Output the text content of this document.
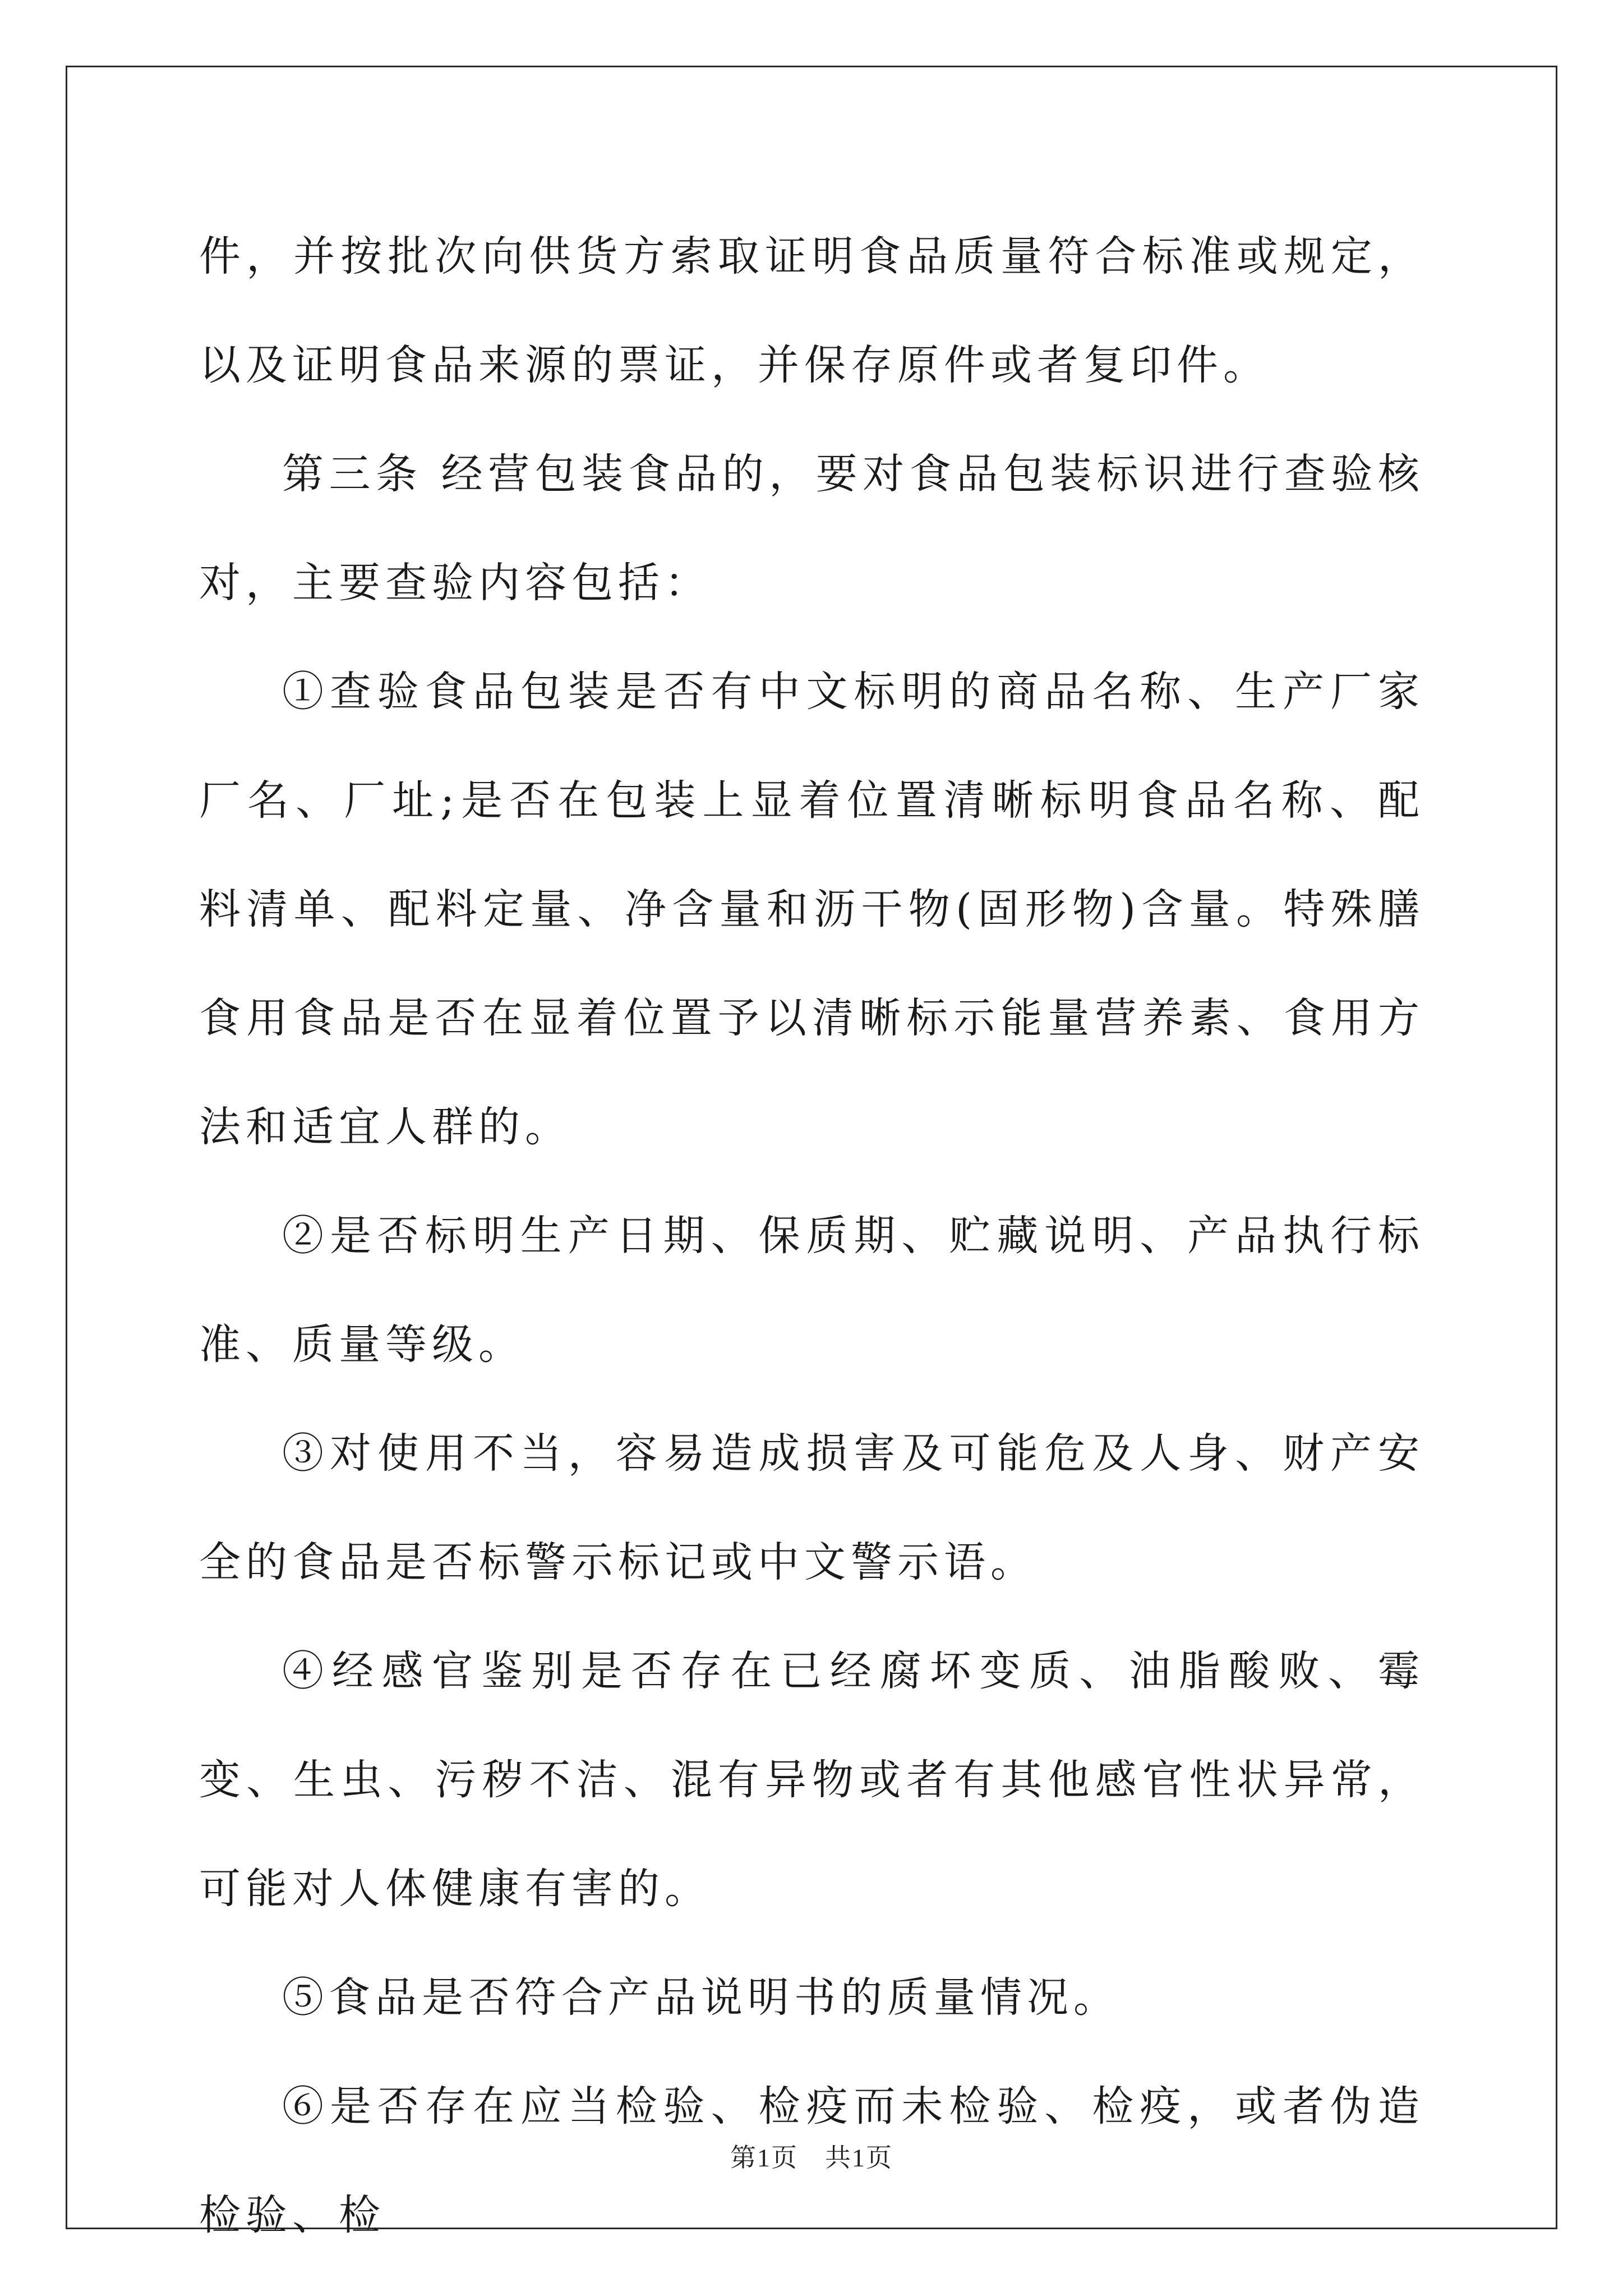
件，并按批次向供货方索取证明食品质量符合标准或规定，以及证明食品来源的票证，并保存原件或者复印件。

第三条 经营包装食品的，要对食品包装标识进行查验核对，主要查验内容包括：

①查验食品包装是否有中文标明的商品名称、生产厂家厂名、厂址;是否在包装上显着位置清晰标明食品名称、配料清单、配料定量、净含量和沥干物(固形物)含量。特殊膳食用食品是否在显着位置予以清晰标示能量营养素、食用方法和适宜人群的。

②是否标明生产日期、保质期、贮藏说明、产品执行标准、质量等级。

③对使用不当，容易造成损害及可能危及人身、财产安全的食品是否标警示标记或中文警示语。

④经感官鉴别是否存在已经腐坏变质、油脂酸败、霉变、生虫、污秽不洁、混有异物或者有其他感官性状异常，可能对人体健康有害的。

⑤食品是否符合产品说明书的质量情况。

⑥是否存在应当检验、检疫而未检验、检疫，或者伪造检验、检

第1页　共1页
